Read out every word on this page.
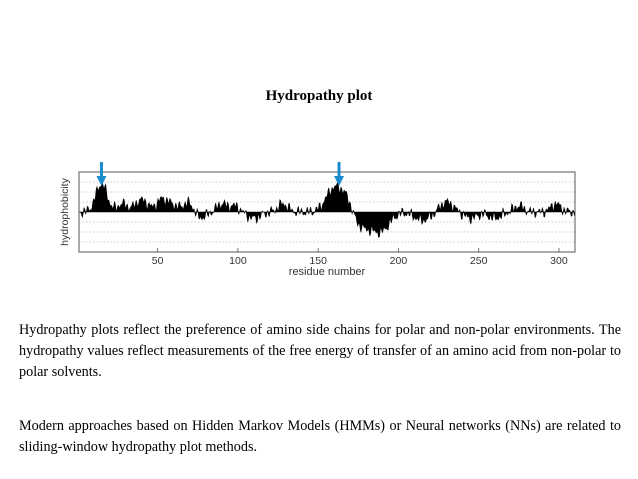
Hydropathy plot
50	100	150	200	250	300
hydrophobicity
residue number
Hydropathy plots reflect the preference of amino side chains for polar and non-polar environments. The hydropathy values reflect measurements of the free energy of transfer of an amino acid from non-polar to polar solvents.
Modern approaches based on Hidden Markov Models (HMMs) or Neural networks (NNs) are related to sliding-window hydropathy plot methods.
